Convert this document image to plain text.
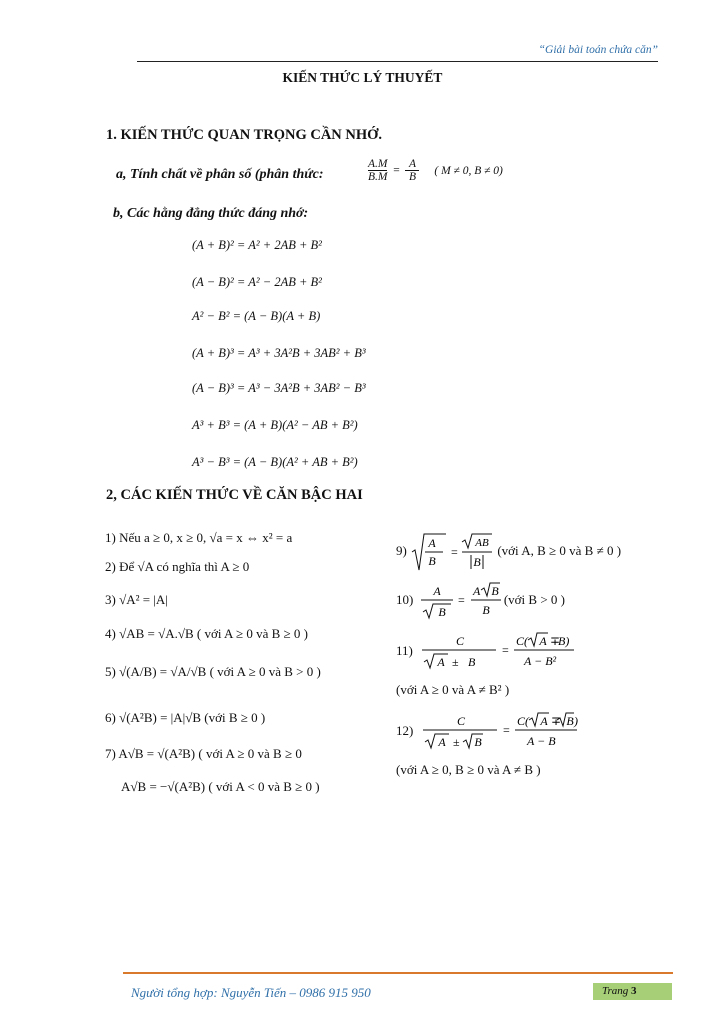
“Giải bài toán chứa căn”
KIẾN THỨC LÝ THUYẾT
1. KIẾN THỨC QUAN TRỌNG CẦN NHỚ.
a, Tính chất về phân số (phân thức:	$\frac{A.M}{B.M} = \frac{A}{B}$ ( M ≠ 0, B ≠ 0)
b, Các hằng đẳng thức đáng nhớ:
(A + B)² = A² + 2AB + B²
(A − B)² = A² − 2AB + B²
A² − B² = (A − B)(A + B)
(A + B)³ = A³ + 3A²B + 3AB² + B³
(A − B)³ = A³ − 3A²B + 3AB² − B³
A³ + B³ = (A + B)(A² − AB + B²)
A³ − B³ = (A − B)(A² + AB + B²)
2, CÁC KIẾN THỨC VỀ CĂN BẬC HAI
1) Nếu a ≥ 0, x ≥ 0, √a = x ⇔ x² = a
2) Để √A có nghĩa thì A ≥ 0
3) √A² = |A|
4) √AB = √A.√B ( với A ≥ 0 và B ≥ 0 )
5) √(A/B) = √A/√B ( với A ≥ 0 và B > 0 )
6) √(A²B) = |A|√B (với B ≥ 0 )
7) A√B = √(A²B) ( với A ≥ 0 và B ≥ 0
A√B = −√(A²B) ( với A < 0 và B ≥ 0 )
9) A
B
=
AB
B
(với A, B ≥ 0 và B ≠ 0 )
10)
A
B
=
A B
B
(với B > 0 )
11)
C
A ± B
=
C( A ∓
B)
A − B²
(với A ≥ 0 và A ≠ B² )
12)
C
A ± B
=
C( A ∓ B )
A − B
(với A ≥ 0, B ≥ 0 và A ≠ B )
Người tổng hợp: Nguyễn Tiến – 0986 915 950	Trang 3
